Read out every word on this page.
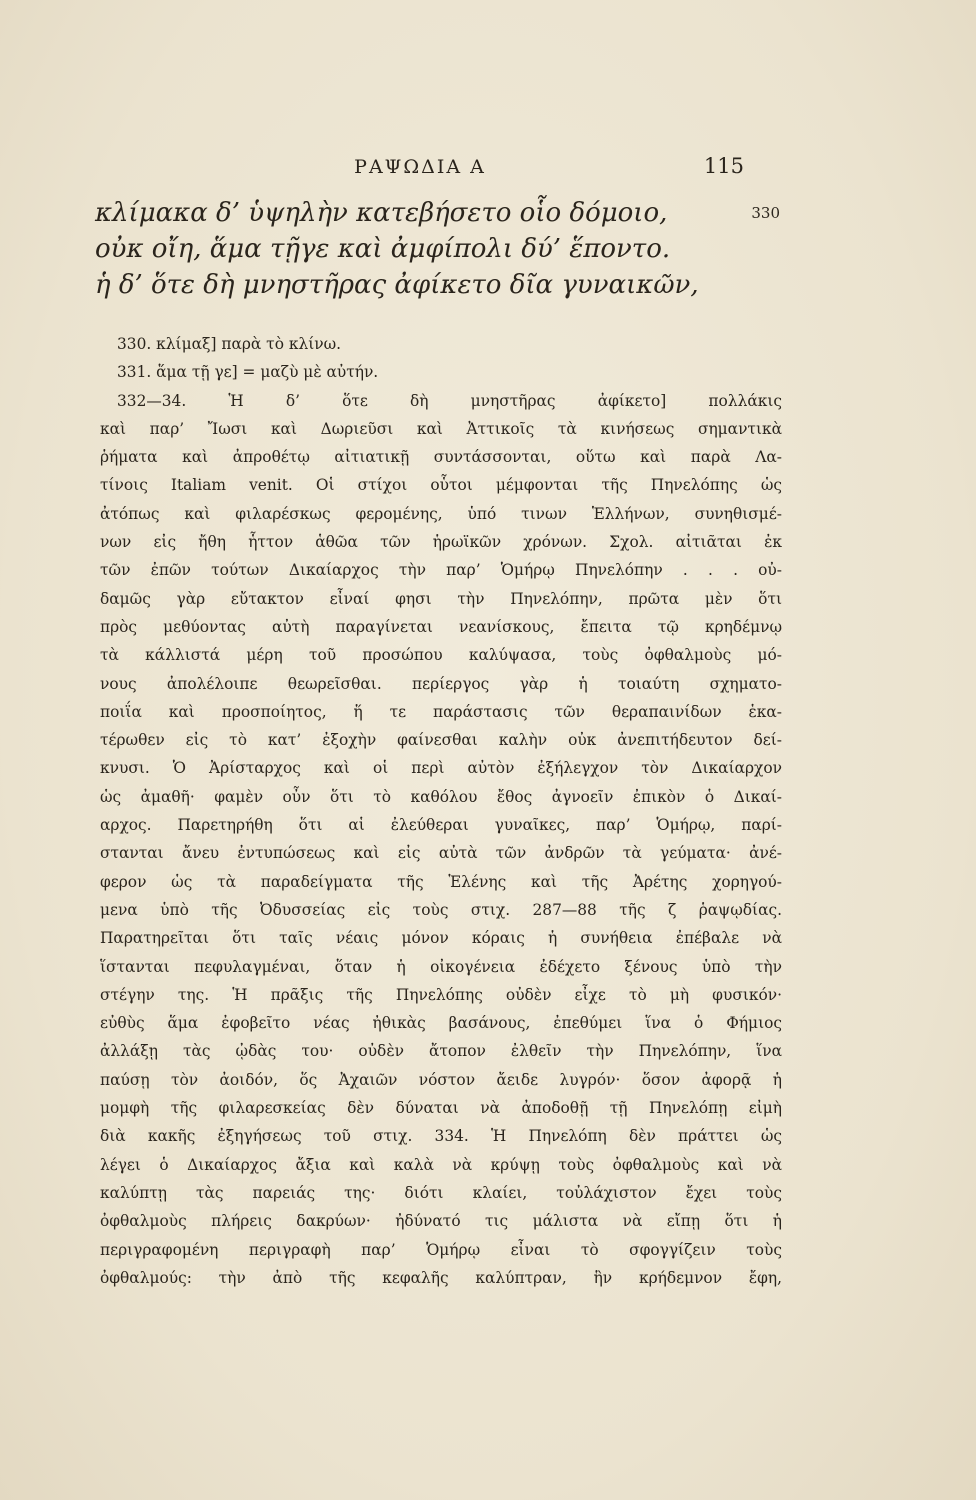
ΡΑΨΩΔΙΑ Α	115
κλίμακα δ’ ὑψηλὴν κατεβήσετο οἷο δόμοιο,	330
οὐκ οἴη, ἅμα τῇγε καὶ ἀμφίπολι δύ’ ἕποντο.
ἡ δ’ ὅτε δὴ μνηστῆρας ἀφίκετο δῖα γυναικῶν,
330. κλίμαξ] παρὰ τὸ κλίνω.
331. ἅμα τῇ γε] = μαζὺ μὲ αὐτήν.
332—34. Ἡ δ’ ὅτε δὴ μνηστῆρας ἀφίκετο] πολλάκις
καὶ παρ’ Ἴωσι καὶ Δωριεῦσι καὶ Ἀττικοῖς τὰ κινήσεως σημαντικὰ
ῥήματα καὶ ἀπροθέτῳ αἰτιατικῇ συντάσσονται, οὕτω καὶ παρὰ Λα-
τίνοις Italiam venit. Οἱ στίχοι οὗτοι μέμφονται τῆς Πηνελόπης ὡς
ἀτόπως καὶ φιλαρέσκως φερομένης, ὑπό τινων Ἑλλήνων, συνηθισμέ-
νων εἰς ἤθη ἧττον ἁθῶα τῶν ἡρωϊκῶν χρόνων. Σχολ. αἰτιᾶται ἐκ
τῶν ἐπῶν τούτων Δικαίαρχος τὴν παρ’ Ὁμήρῳ Πηνελόπην . . . οὐ-
δαμῶς γὰρ εὔτακτον εἶναί φησι τὴν Πηνελόπην, πρῶτα μὲν ὅτι
πρὸς μεθύοντας αὐτὴ παραγίνεται νεανίσκους, ἔπειτα τῷ κρηδέμνῳ
τὰ κάλλιστά μέρη τοῦ προσώπου καλύψασα, τοὺς ὀφθαλμοὺς μό-
νους ἀπολέλοιπε θεωρεῖσθαι. περίεργος γὰρ ἡ τοιαύτη σχηματο-
ποιΐα καὶ προσποίητος, ἥ τε παράστασις τῶν θεραπαινίδων ἑκα-
τέρωθεν εἰς τὸ κατ’ ἐξοχὴν φαίνεσθαι καλὴν οὐκ ἀνεπιτήδευτον δεί-
κνυσι. Ὁ Ἀρίσταρχος καὶ οἱ περὶ αὐτὸν ἐξήλεγχον τὸν Δικαίαρχον
ὡς ἀμαθῆ· φαμὲν οὖν ὅτι τὸ καθόλου ἔθος ἀγνοεῖν ἐπικὸν ὁ Δικαί-
αρχος. Παρετηρήθη ὅτι αἱ ἐλεύθεραι γυναῖκες, παρ’ Ὁμήρῳ, παρί-
στανται ἄνευ ἐντυπώσεως καὶ εἰς αὐτὰ τῶν ἀνδρῶν τὰ γεύματα· ἀνέ-
φερον ὡς τὰ παραδείγματα τῆς Ἑλένης καὶ τῆς Ἀρέτης χορηγού-
μενα ὑπὸ τῆς Ὀδυσσείας εἰς τοὺς στιχ. 287—88 τῆς ζ ῥαψῳδίας.
Παρατηρεῖται ὅτι ταῖς νέαις μόνον κόραις ἡ συνήθεια ἐπέβαλε νὰ
ἵστανται πεφυλαγμέναι, ὅταν ἡ οἰκογένεια ἐδέχετο ξένους ὑπὸ τὴν
στέγην της. Ἡ πρᾶξις τῆς Πηνελόπης οὐδὲν εἶχε τὸ μὴ φυσικόν·
εὐθὺς ἅμα ἐφοβεῖτο νέας ἠθικὰς βασάνους, ἐπεθύμει ἵνα ὁ Φήμιος
ἀλλάξῃ τὰς ᾠδὰς του· οὐδὲν ἄτοπον ἐλθεῖν τὴν Πηνελόπην, ἵνα
παύσῃ τὸν ἀοιδόν, ὅς Ἀχαιῶν νόστον ἄειδε λυγρόν· ὅσον ἀφορᾷ ἡ
μομφὴ τῆς φιλαρεσκείας δὲν δύναται νὰ ἀποδοθῇ τῇ Πηνελόπῃ εἰμὴ
διὰ κακῆς ἐξηγήσεως τοῦ στιχ. 334. Ἡ Πηνελόπη δὲν πράττει ὡς
λέγει ὁ Δικαίαρχος ἄξια καὶ καλὰ νὰ κρύψῃ τοὺς ὀφθαλμοὺς καὶ νὰ
καλύπτῃ τὰς παρειάς της· διότι κλαίει, τοὐλάχιστον ἔχει τοὺς
ὀφθαλμοὺς πλήρεις δακρύων· ἠδύνατό τις μάλιστα νὰ εἴπῃ ὅτι ἡ
περιγραφομένη περιγραφὴ παρ’ Ὁμήρῳ εἶναι τὸ σφογγίζειν τοὺς
ὀφθαλμούς: τὴν ἀπὸ τῆς κεφαλῆς καλύπτραν, ἣν κρήδεμνον ἔφη,
